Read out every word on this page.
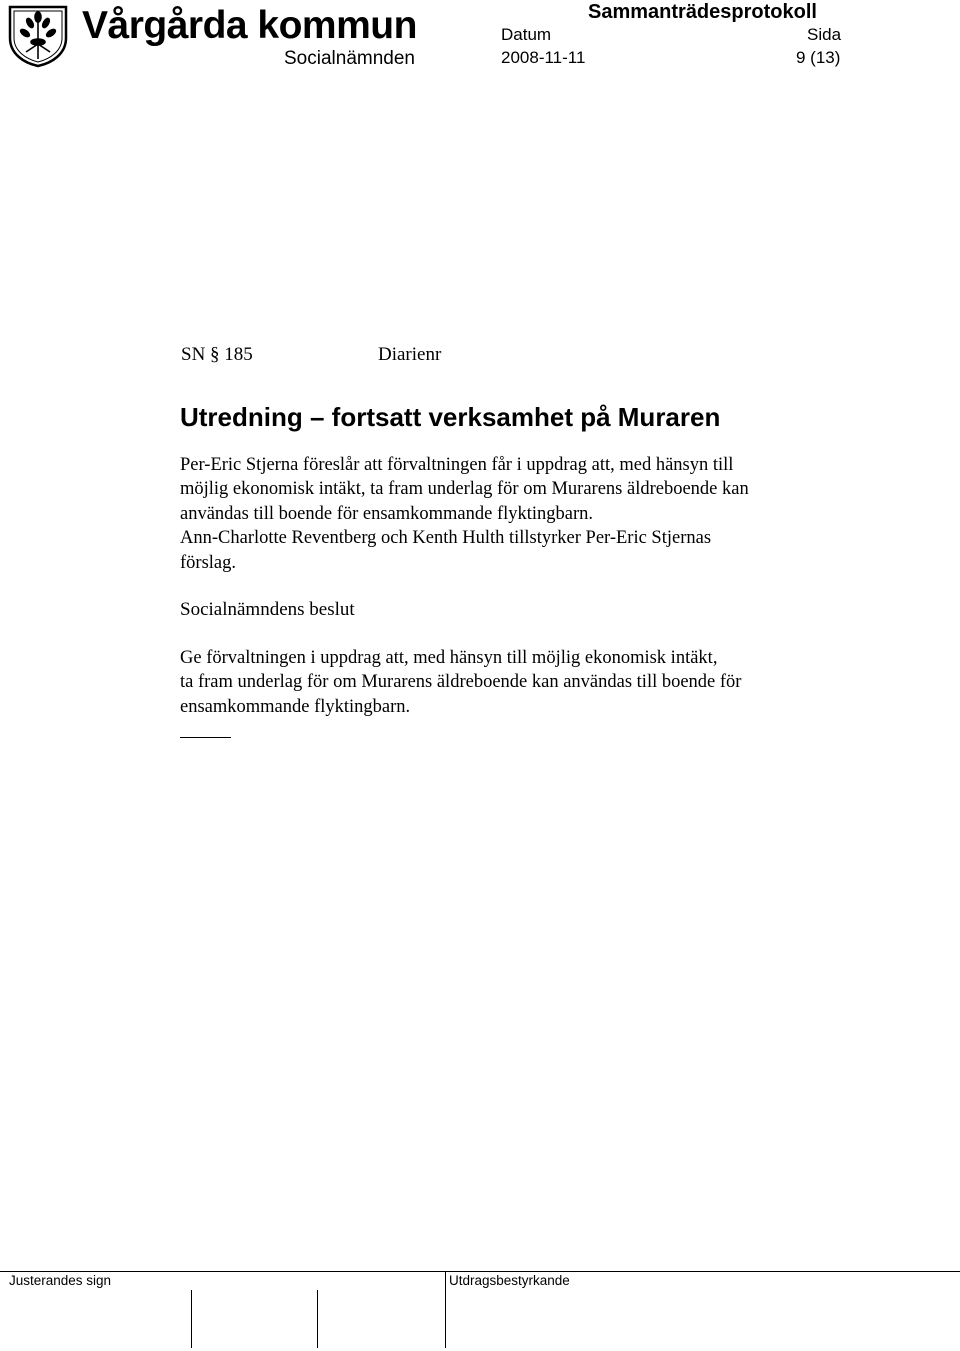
Vårgårda kommun
Socialnämnden
Datum
2008-11-11
Sammanträdesprotokoll
Sida
9 (13)
SN § 185	Diarienr
Utredning – fortsatt verksamhet på Muraren
Per-Eric Stjerna föreslår att förvaltningen får i uppdrag att, med hänsyn till
möjlig ekonomisk intäkt, ta fram underlag för om Murarens äldreboende kan
användas till boende för ensamkommande flyktingbarn.
Ann-Charlotte Reventberg och Kenth Hulth tillstyrker Per-Eric Stjernas
förslag.
Socialnämndens beslut
Ge förvaltningen i uppdrag att, med hänsyn till möjlig ekonomisk intäkt,
ta fram underlag för om Murarens äldreboende kan användas till boende för
ensamkommande flyktingbarn.
Justerandes sign	Utdragsbestyrkande
